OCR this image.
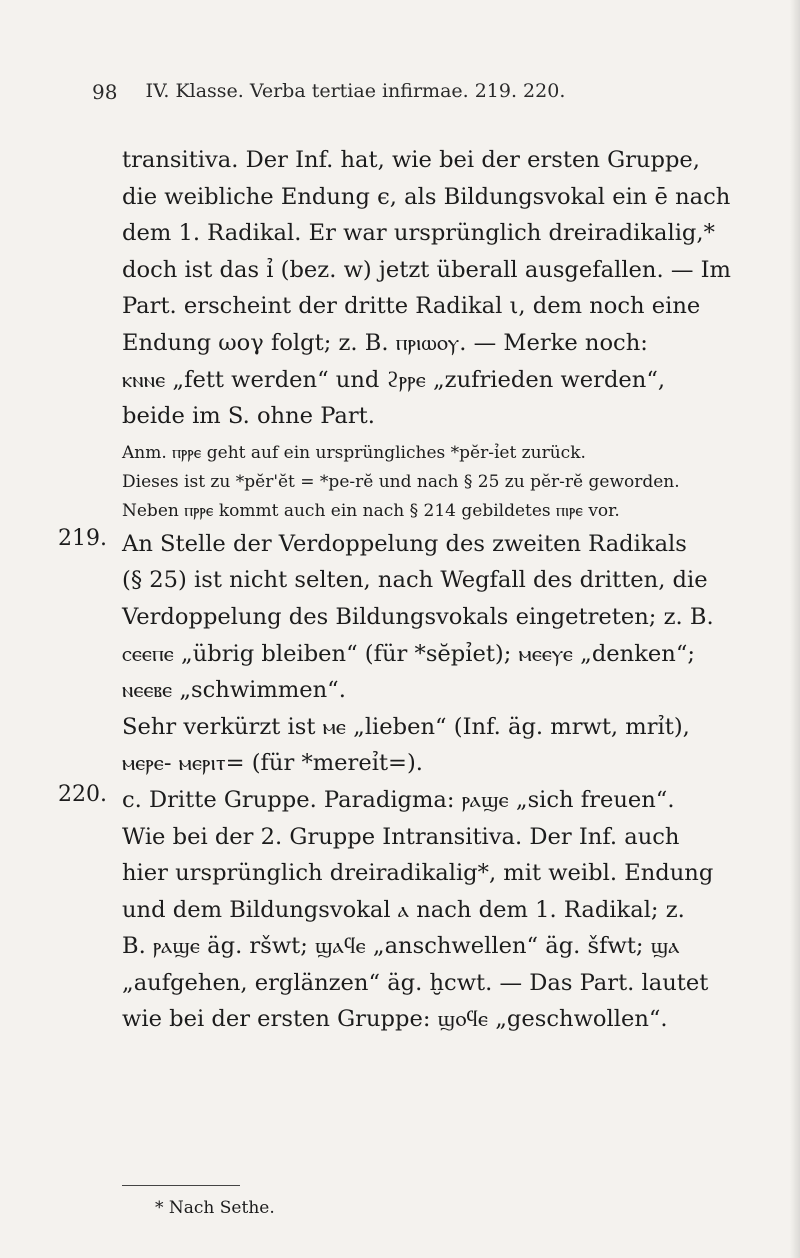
98 IV. Klasse. Verba tertiae infirmae. 219. 220.

transitiva. Der Inf. hat, wie bei der ersten Gruppe,

die weibliche Endung ϵ, als Bildungsvokal ein ē nach

dem 1. Radikal. Er war ursprünglich dreiradikalig,*

doch ist das ỉ (bez. w) jetzt überall ausgefallen. — Im

Part. erscheint der dritte Radikal ι, dem noch eine

Endung ωoγ folgt; z. B. ⲡⲣⲓⲱⲟⲩ. — Merke noch:

ⲕⲛⲛⲉ „fett werden“ und ϩⲣⲣⲉ „zufrieden werden“,

beide im S. ohne Part.

Anm. ⲡⲣⲣⲉ geht auf ein ursprüngliches *pĕr-ỉet zurück.

Dieses ist zu *pĕr'ĕt = *pe-rĕ und nach § 25 zu pĕr-rĕ geworden.

Neben ⲡⲣⲣⲉ kommt auch ein nach § 214 gebildetes ⲡⲓⲣⲉ vor.

219. An Stelle der Verdoppelung des zweiten Radikals

(§ 25) ist nicht selten, nach Wegfall des dritten, die

Verdoppelung des Bildungsvokals eingetreten; z. B.

ⲥⲉⲉⲡⲉ „übrig bleiben“ (für *sĕpỉet); ⲙⲉⲉⲩⲉ „denken“;

ⲛⲉⲉⲃⲉ „schwimmen“.

Sehr verkürzt ist ⲙⲉ „lieben“ (Inf. äg. mrwt, mrỉt),

ⲙⲉⲣⲉ- ⲙⲉⲣⲓⲧ= (für *mereỉt=).

220. c. Dritte Gruppe. Paradigma: ⲣⲁϣⲉ „sich freuen“.

Wie bei der 2. Gruppe Intransitiva. Der Inf. auch

hier ursprünglich dreiradikalig*, mit weibl. Endung

und dem Bildungsvokal ⲁ nach dem 1. Radikal; z.

B. ⲣⲁϣⲉ äg. ršwt; ϣⲁϥⲉ „anschwellen“ äg. šfwt; ϣⲁ

„aufgehen, erglänzen“ äg. ḫcwt. — Das Part. lautet

wie bei der ersten Gruppe: ϣⲟϥⲉ „geschwollen“.

* Nach Sethe.
